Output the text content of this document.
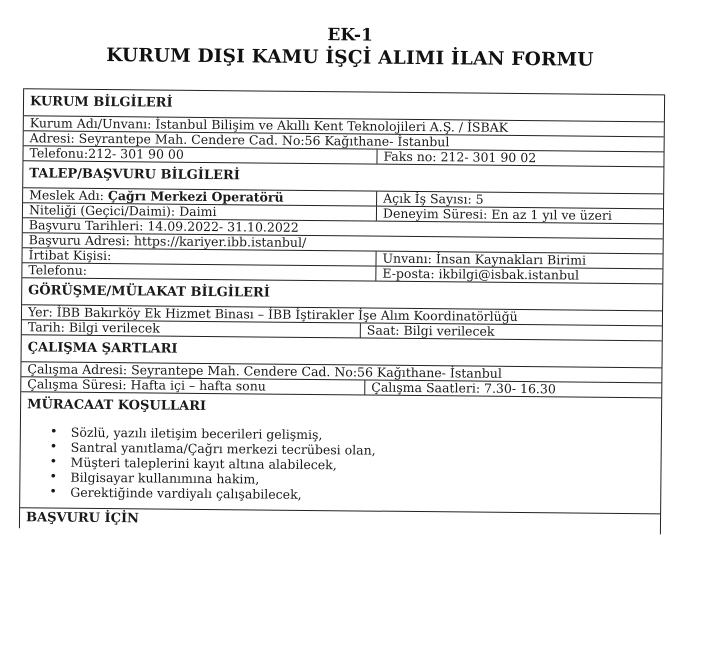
EK-1
KURUM DIŞI KAMU İŞÇİ ALIMI İLAN FORMU
KURUM BİLGİLERİ
Kurum Adı/Unvanı: İstanbul Bilişim ve Akıllı Kent Teknolojileri A.Ş. / İSBAK
Adresi: Seyrantepe Mah. Cendere Cad. No:56 Kağıthane- İstanbul
Telefonu:212- 301 90 00	Faks no: 212- 301 90 02
TALEP/BAŞVURU BİLGİLERİ
Meslek Adı: Çağrı Merkezi Operatörü	Açık İş Sayısı: 5
Niteliği (Geçici/Daimi): Daimi	Deneyim Süresi: En az 1 yıl ve üzeri
Başvuru Tarihleri: 14.09.2022- 31.10.2022
Başvuru Adresi: https://kariyer.ibb.istanbul/
İrtibat Kişisi:	Unvanı: İnsan Kaynakları Birimi
Telefonu:	E-posta: ikbilgi@isbak.istanbul
GÖRÜŞME/MÜLAKAT BİLGİLERİ
Yer: İBB Bakırköy Ek Hizmet Binası – İBB İştirakler İşe Alım Koordinatörlüğü
Tarih: Bilgi verilecek	Saat: Bilgi verilecek
ÇALIŞMA ŞARTLARI
Çalışma Adresi: Seyrantepe Mah. Cendere Cad. No:56 Kağıthane- İstanbul
Çalışma Süresi: Hafta içi – hafta sonu	Çalışma Saatleri: 7.30- 16.30
MÜRACAAT KOŞULLARI
• Sözlü, yazılı iletişim becerileri gelişmiş,
• Santral yanıtlama/Çağrı merkezi tecrübesi olan,
• Müşteri taleplerini kayıt altına alabilecek,
• Bilgisayar kullanımına hakim,
• Gerektiğinde vardiyalı çalışabilecek,
BAŞVURU İÇİN
